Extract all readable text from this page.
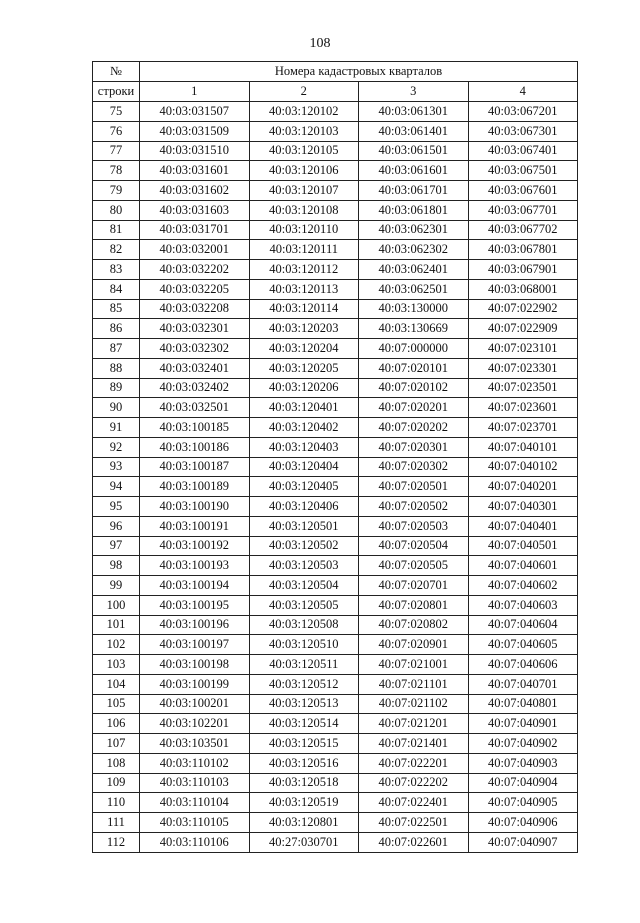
108
№	Номера кадастровых кварталов			
строки	1	2	3	4
75	40:03:031507	40:03:120102	40:03:061301	40:03:067201
76	40:03:031509	40:03:120103	40:03:061401	40:03:067301
77	40:03:031510	40:03:120105	40:03:061501	40:03:067401
78	40:03:031601	40:03:120106	40:03:061601	40:03:067501
79	40:03:031602	40:03:120107	40:03:061701	40:03:067601
80	40:03:031603	40:03:120108	40:03:061801	40:03:067701
81	40:03:031701	40:03:120110	40:03:062301	40:03:067702
82	40:03:032001	40:03:120111	40:03:062302	40:03:067801
83	40:03:032202	40:03:120112	40:03:062401	40:03:067901
84	40:03:032205	40:03:120113	40:03:062501	40:03:068001
85	40:03:032208	40:03:120114	40:03:130000	40:07:022902
86	40:03:032301	40:03:120203	40:03:130669	40:07:022909
87	40:03:032302	40:03:120204	40:07:000000	40:07:023101
88	40:03:032401	40:03:120205	40:07:020101	40:07:023301
89	40:03:032402	40:03:120206	40:07:020102	40:07:023501
90	40:03:032501	40:03:120401	40:07:020201	40:07:023601
91	40:03:100185	40:03:120402	40:07:020202	40:07:023701
92	40:03:100186	40:03:120403	40:07:020301	40:07:040101
93	40:03:100187	40:03:120404	40:07:020302	40:07:040102
94	40:03:100189	40:03:120405	40:07:020501	40:07:040201
95	40:03:100190	40:03:120406	40:07:020502	40:07:040301
96	40:03:100191	40:03:120501	40:07:020503	40:07:040401
97	40:03:100192	40:03:120502	40:07:020504	40:07:040501
98	40:03:100193	40:03:120503	40:07:020505	40:07:040601
99	40:03:100194	40:03:120504	40:07:020701	40:07:040602
100	40:03:100195	40:03:120505	40:07:020801	40:07:040603
101	40:03:100196	40:03:120508	40:07:020802	40:07:040604
102	40:03:100197	40:03:120510	40:07:020901	40:07:040605
103	40:03:100198	40:03:120511	40:07:021001	40:07:040606
104	40:03:100199	40:03:120512	40:07:021101	40:07:040701
105	40:03:100201	40:03:120513	40:07:021102	40:07:040801
106	40:03:102201	40:03:120514	40:07:021201	40:07:040901
107	40:03:103501	40:03:120515	40:07:021401	40:07:040902
108	40:03:110102	40:03:120516	40:07:022201	40:07:040903
109	40:03:110103	40:03:120518	40:07:022202	40:07:040904
110	40:03:110104	40:03:120519	40:07:022401	40:07:040905
111	40:03:110105	40:03:120801	40:07:022501	40:07:040906
112	40:03:110106	40:27:030701	40:07:022601	40:07:040907
